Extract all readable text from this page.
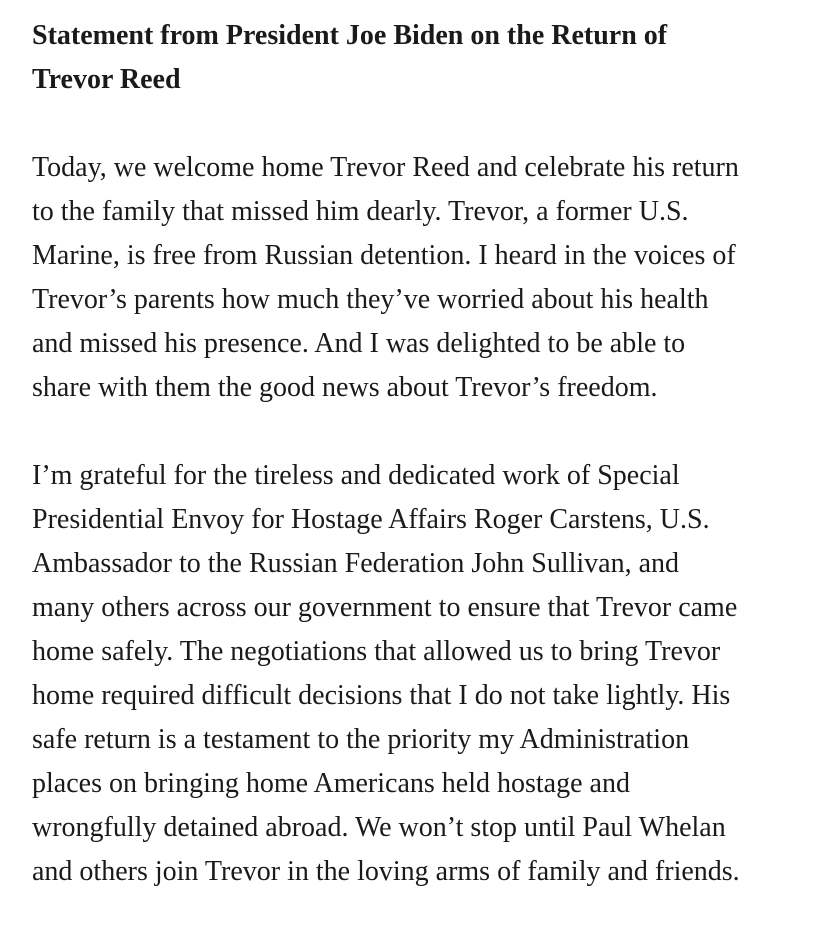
Statement from President Joe Biden on the Return of
Trevor Reed
Today, we welcome home Trevor Reed and celebrate his return
to the family that missed him dearly. Trevor, a former U.S.
Marine, is free from Russian detention. I heard in the voices of
Trevor’s parents how much they’ve worried about his health
and missed his presence. And I was delighted to be able to
share with them the good news about Trevor’s freedom.
I’m grateful for the tireless and dedicated work of Special
Presidential Envoy for Hostage Affairs Roger Carstens, U.S.
Ambassador to the Russian Federation John Sullivan, and
many others across our government to ensure that Trevor came
home safely. The negotiations that allowed us to bring Trevor
home required difficult decisions that I do not take lightly. His
safe return is a testament to the priority my Administration
places on bringing home Americans held hostage and
wrongfully detained abroad. We won’t stop until Paul Whelan
and others join Trevor in the loving arms of family and friends.
